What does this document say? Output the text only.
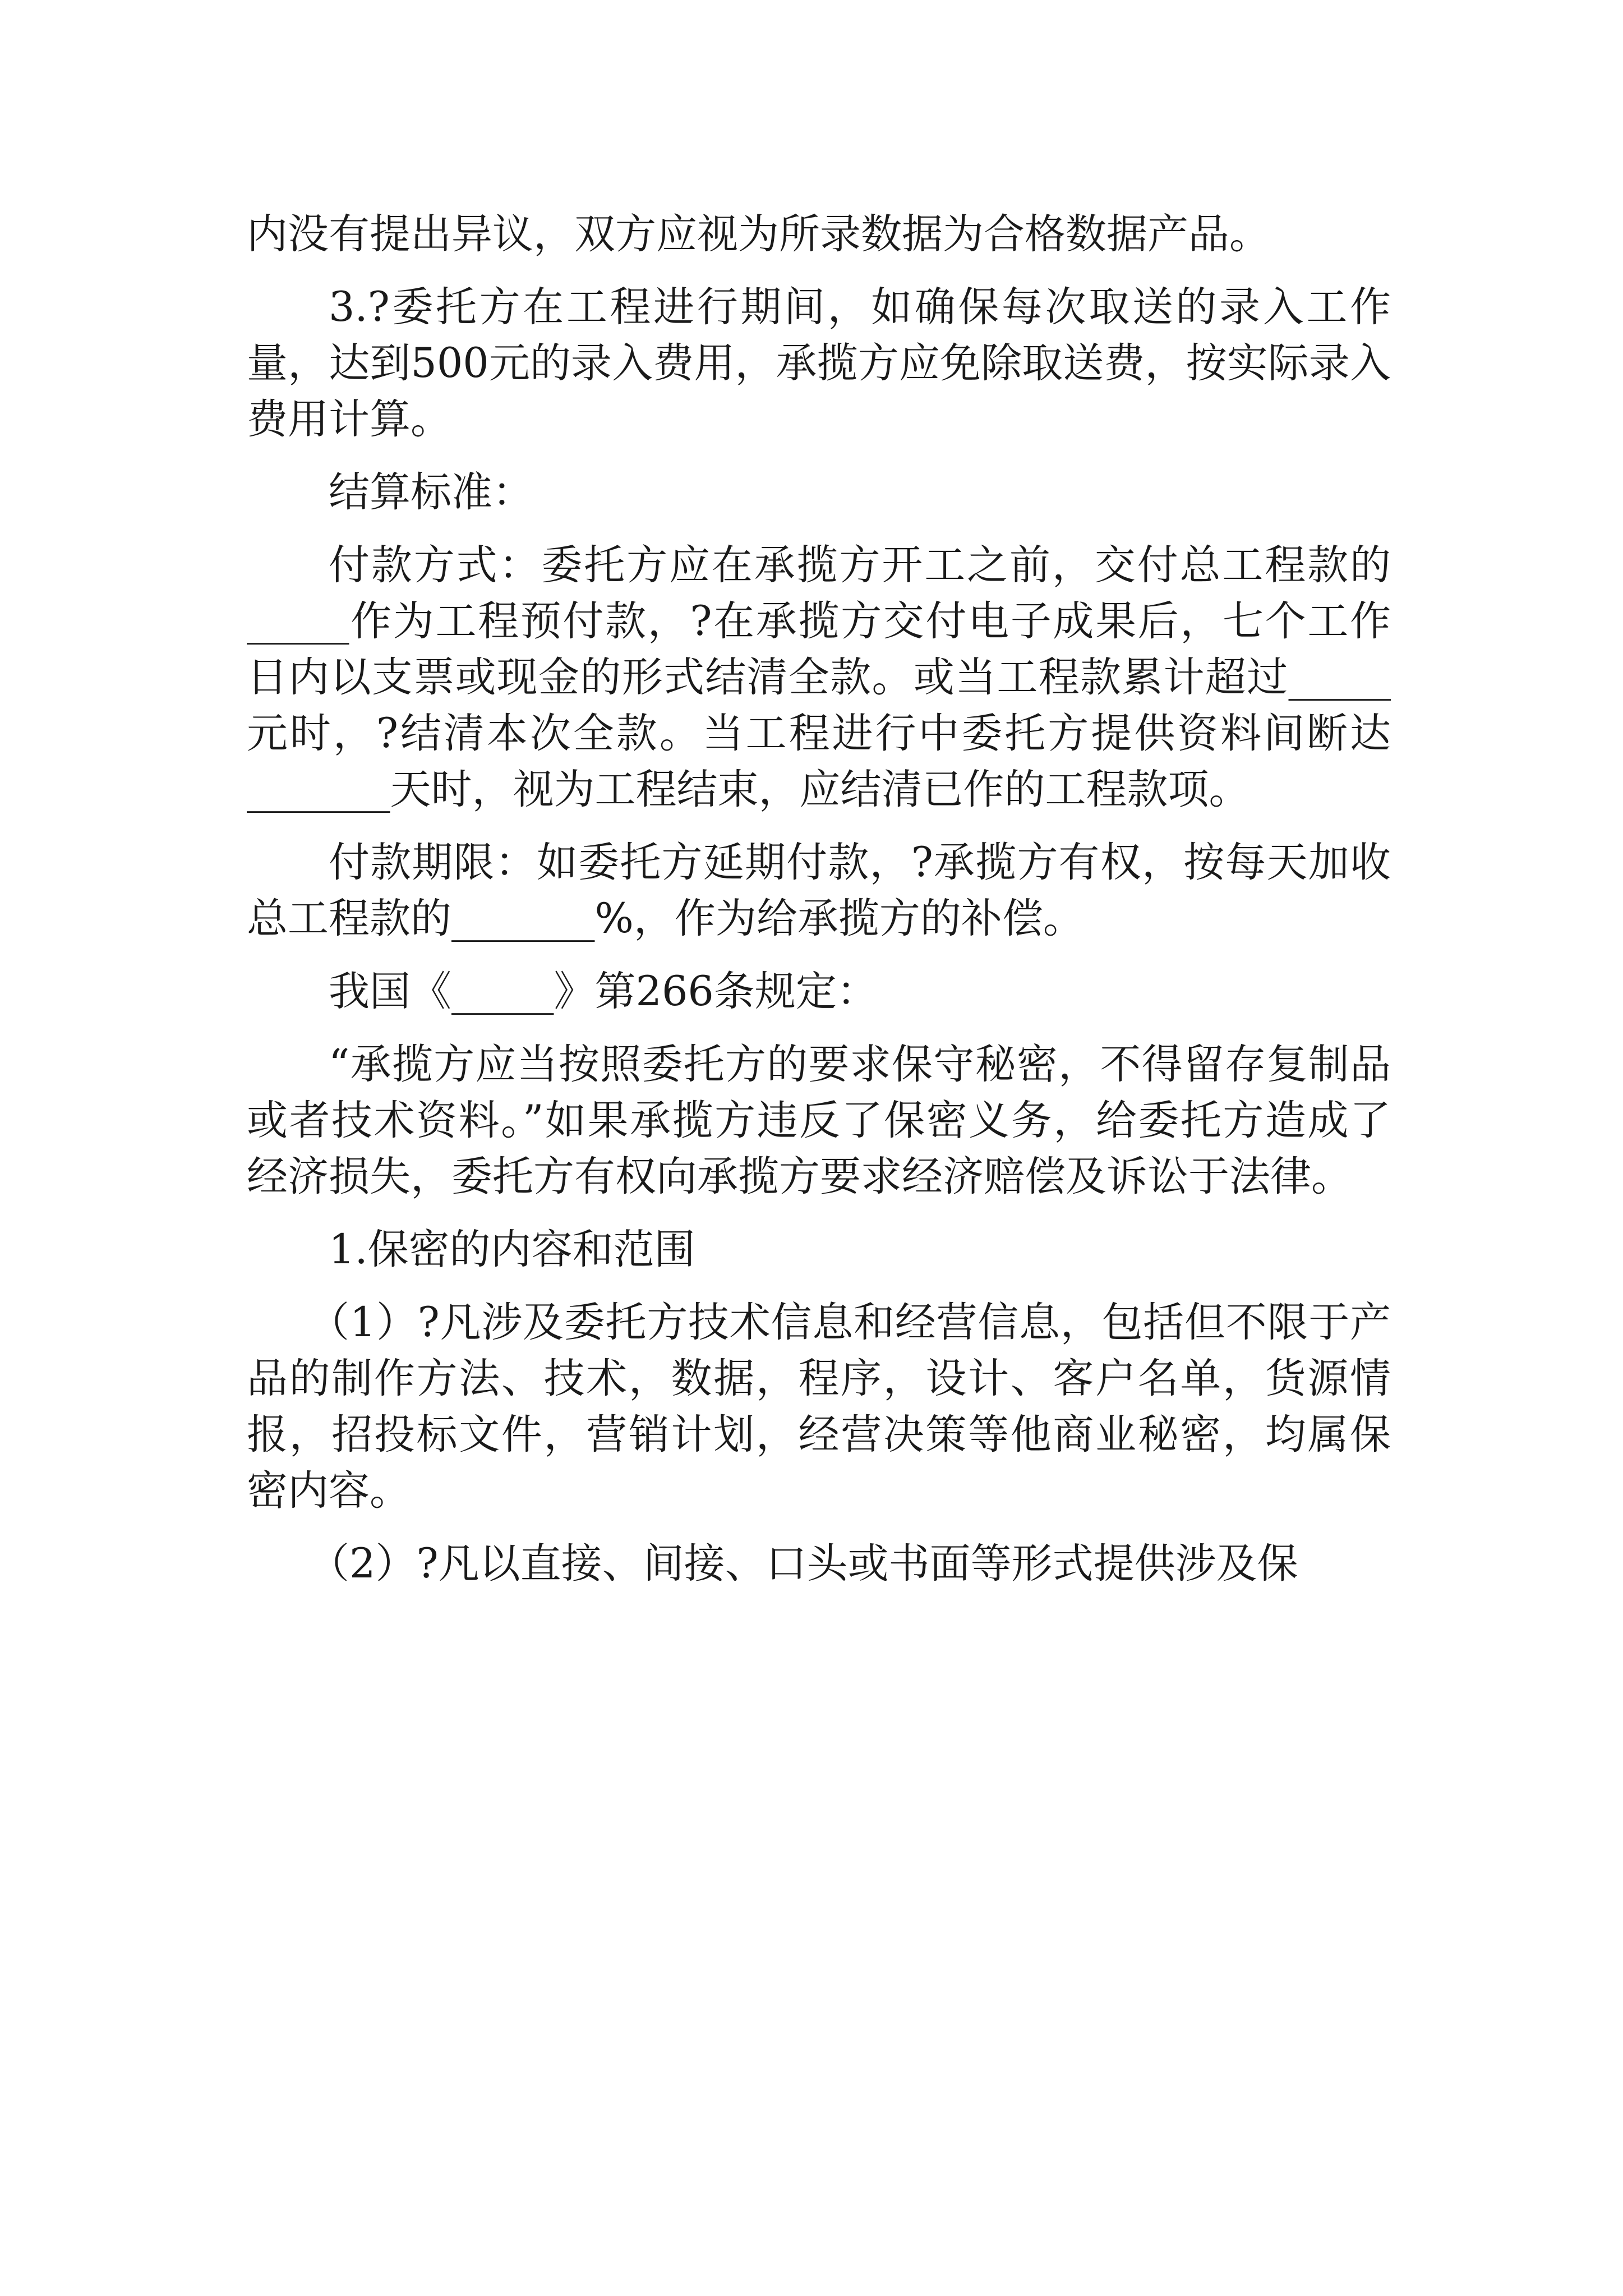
内没有提出异议，双方应视为所录数据为合格数据产品。

3.?委托方在工程进行期间，如确保每次取送的录入工作量，达到500元的录入费用，承揽方应免除取送费，按实际录入费用计算。

结算标准：

付款方式：委托方应在承揽方开工之前，交付总工程款的_____作为工程预付款，?在承揽方交付电子成果后，七个工作日内以支票或现金的形式结清全款。或当工程款累计超过_____元时，?结清本次全款。当工程进行中委托方提供资料间断达_______天时，视为工程结束，应结清已作的工程款项。

付款期限：如委托方延期付款，?承揽方有权，按每天加收总工程款的_______%，作为给承揽方的补偿。

我国《_____》第266条规定：

“承揽方应当按照委托方的要求保守秘密，不得留存复制品或者技术资料。”如果承揽方违反了保密义务，给委托方造成了经济损失，委托方有权向承揽方要求经济赔偿及诉讼于法律。

1.保密的内容和范围

（1）?凡涉及委托方技术信息和经营信息，包括但不限于产品的制作方法、技术，数据，程序，设计、客户名单，货源情报，招投标文件，营销计划，经营决策等他商业秘密，均属保密内容。

（2）?凡以直接、间接、口头或书面等形式提供涉及保
